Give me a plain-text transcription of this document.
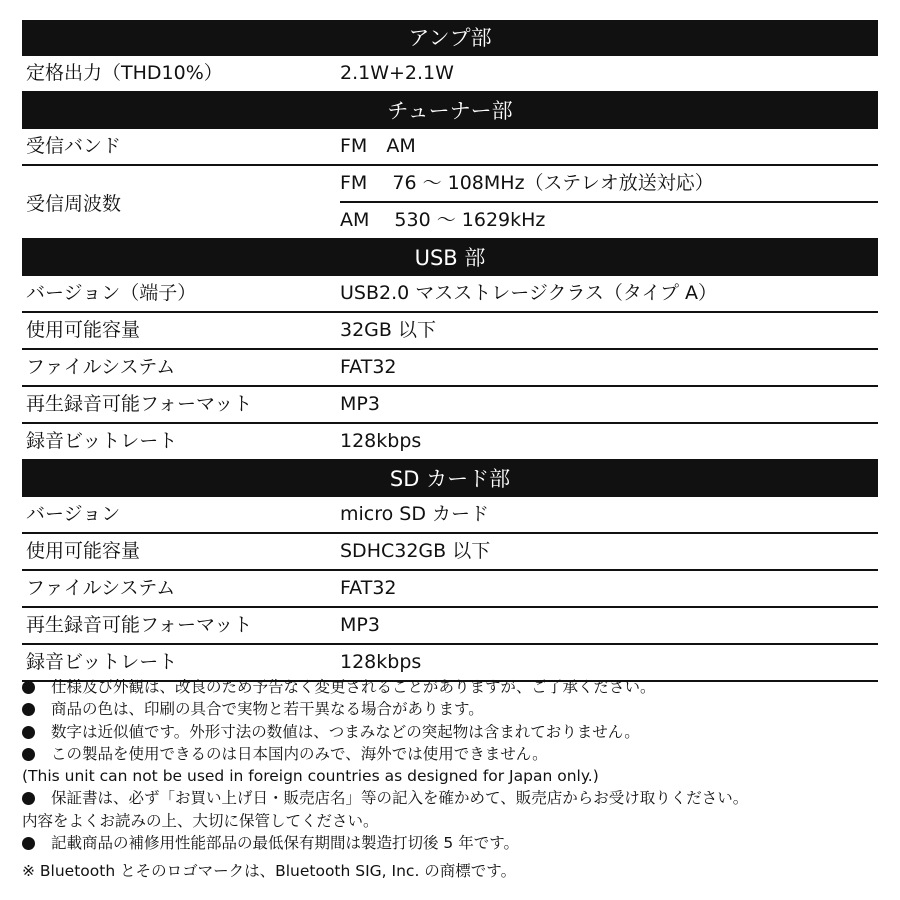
アンプ部
定格出力（THD10%）	2.1W+2.1W
チューナー部
受信バンド	FM　AM
受信周波数
FM　 76 ～ 108MHz（ステレオ放送対応）
AM　 530 ～ 1629kHz
USB 部
バージョン（端子）	USB2.0 マスストレージクラス（タイプ A）
使用可能容量	32GB 以下
ファイルシステム	FAT32
再生録音可能フォーマット	MP3
録音ビットレート	128kbps
SD カード部
バージョン	micro SD カード
使用可能容量	SDHC32GB 以下
ファイルシステム	FAT32
再生録音可能フォーマット	MP3
録音ビットレート	128kbps
仕様及び外観は、改良のため予告なく変更されることがありますが、ご了承ください。
商品の色は、印刷の具合で実物と若干異なる場合があります。
数字は近似値です。外形寸法の数値は、つまみなどの突起物は含まれておりません。
この製品を使用できるのは日本国内のみで、海外では使用できません。
(This unit can not be used in foreign countries as designed for Japan only.)
保証書は、必ず「お買い上げ日・販売店名」等の記入を確かめて、販売店からお受け取りください。
内容をよくお読みの上、大切に保管してください。
記載商品の補修用性能部品の最低保有期間は製造打切後 5 年です。
※ Bluetooth とそのロゴマークは、Bluetooth SIG, Inc. の商標です。
